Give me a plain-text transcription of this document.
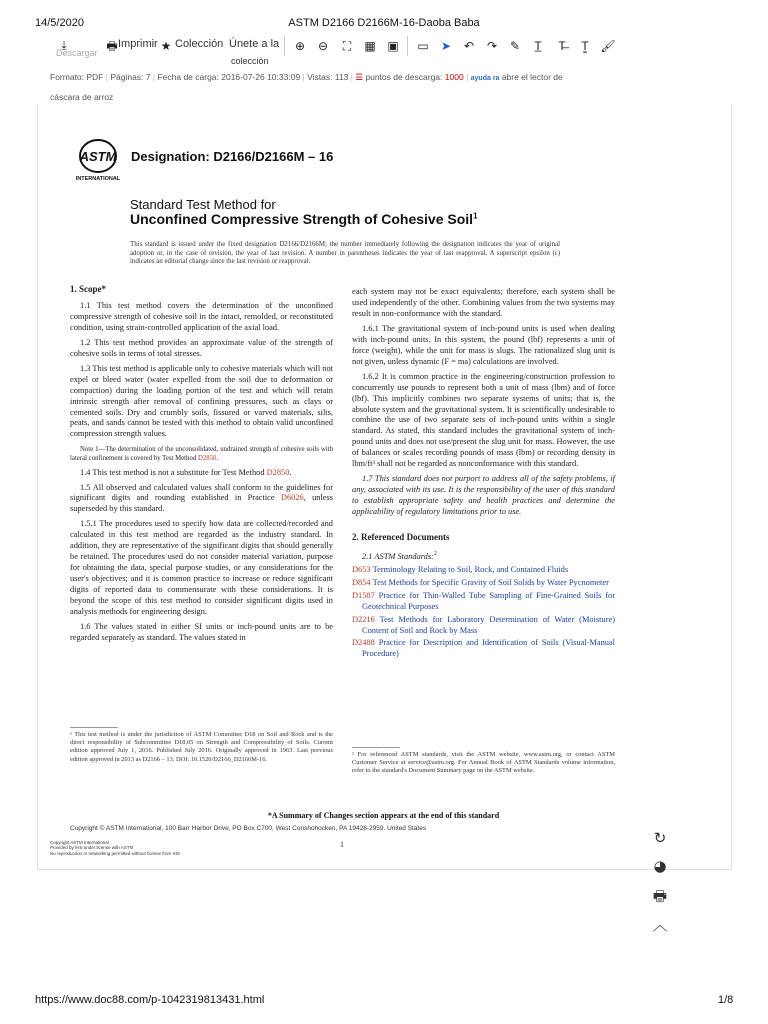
14/5/2020	ASTM D2166 D2166M-16-Daoba Baba
⤓
Descargar 🖶 Imprimir ★ Colección Únete a la
colección
⊕	⊖	⛶	▦ ▣	▭	➤	↶	↷	✎	T̲	T̶	T̳ 🖌
Formato: PDF | Páginas: 7 | Fecha de carga: 2016-07-26 10:33:09 | Vistas: 113 | ☰ puntos de descarga: 1000 | ayuda ra abre el lector de
cáscara de arroz
ASTM
INTERNATIONAL
Designation: D2166/D2166M – 16
Standard Test Method for
Unconfined Compressive Strength of Cohesive Soil$^1$
This standard is issued under the fixed designation D2166/D2166M; the number immediately following the designation indicates the year of original adoption or, in the case of revision, the year of last revision. A number in parentheses indicates the year of last reapproval. A superscript epsilon (ε) indicates an editorial change since the last revision or reapproval.
1. Scope*

1.1 This test method covers the determination of the unconfined compressive strength of cohesive soil in the intact, remolded, or reconstituted condition, using strain-controlled application of the axial load.

1.2 This test method provides an approximate value of the strength of cohesive soils in terms of total stresses.

1.3 This test method is applicable only to cohesive materials which will not expel or bleed water (water expelled from the soil due to deformation or compaction) during the loading portion of the test and which will retain intrinsic strength after removal of confining pressures, such as clays or cemented soils. Dry and crumbly soils, fissured or varved materials, silts, peats, and sands cannot be tested with this method to obtain valid unconfined compression strength values.

Note 1—The determination of the unconsolidated, undrained strength of cohesive soils with lateral confinement is covered by Test Method D2850.

1.4 This test method is not a substitute for Test Method D2850.

1.5 All observed and calculated values shall conform to the guidelines for significant digits and rounding established in Practice D6026, unless superseded by this standard.

1.5.1 The procedures used to specify how data are collected/recorded and calculated in this test method are regarded as the industry standard. In addition, they are representative of the significant digits that should generally be retained. The procedures used do not consider material variation, purpose for obtaining the data, special purpose studies, or any considerations for the user's objectives; and it is common practice to increase or reduce significant digits of reported data to commensurate with these considerations. It is beyond the scope of this test method to consider significant digits used in analysis methods for engineering design.

1.6 The values stated in either SI units or inch-pound units are to be regarded separately as standard. The values stated in

each system may not be exact equivalents; therefore, each system shall be used independently of the other. Combining values from the two systems may result in non-conformance with the standard.

1.6.1 The gravitational system of inch-pound units is used when dealing with inch-pound units. In this system, the pound (lbf) represents a unit of force (weight), while the unit for mass is slugs. The rationalized slug unit is not given, unless dynamic (F = ma) calculations are involved.

1.6.2 It is common practice in the engineering/construction profession to concurrently use pounds to represent both a unit of mass (lbm) and of force (lbf). This implicitly combines two separate systems of units; that is, the absolute system and the gravitational system. It is scientifically undesirable to combine the use of two separate sets of inch-pound units within a single standard. As stated, this standard includes the gravitational system of inch-pound units and does not use/present the slug unit for mass. However, the use of balances or scales recording pounds of mass (lbm) or recording density in lbm/ft³ shall not be regarded as nonconformance with this standard.

1.7 This standard does not purport to address all of the safety problems, if any, associated with its use. It is the responsibility of the user of this standard to establish appropriate safety and health practices and determine the applicability of regulatory limitations prior to use.

2. Referenced Documents

2.1 ASTM Standards:$^2$

D653 Terminology Relating to Soil, Rock, and Contained Fluids

D854 Test Methods for Specific Gravity of Soil Solids by Water Pycnometer

D1587 Practice for Thin-Walled Tube Sampling of Fine-Grained Soils for Geotechnical Purposes

D2216 Test Methods for Laboratory Determination of Water (Moisture) Content of Soil and Rock by Mass

D2488 Practice for Description and Identification of Soils (Visual-Manual Procedure)

¹ This test method is under the jurisdiction of ASTM Committee D18 on Soil and Rock and is the direct responsibility of Subcommittee D18.05 on Strength and Compressibility of Soils. Current edition approved July 1, 2016. Published July 2016. Originally approved in 1963. Last previous edition approved in 2013 as D2166 – 13. DOI: 10.1520/D2166_D2166M-16.
² For referenced ASTM standards, visit the ASTM website, www.astm.org, or contact ASTM Customer Service at service@astm.org. For Annual Book of ASTM Standards volume information, refer to the standard's Document Summary page on the ASTM website.
*A Summary of Changes section appears at the end of this standard
Copyright © ASTM International, 100 Barr Harbor Drive, PO Box C700, West Conshohocken, PA 19428-2959. United States
1
Copyright ASTM International
Provided by IHS under license with ASTM
No reproduction or networking permitted without license from IHS
↻
◕
🖶
︿
https://www.doc88.com/p-1042319813431.html	1/8
